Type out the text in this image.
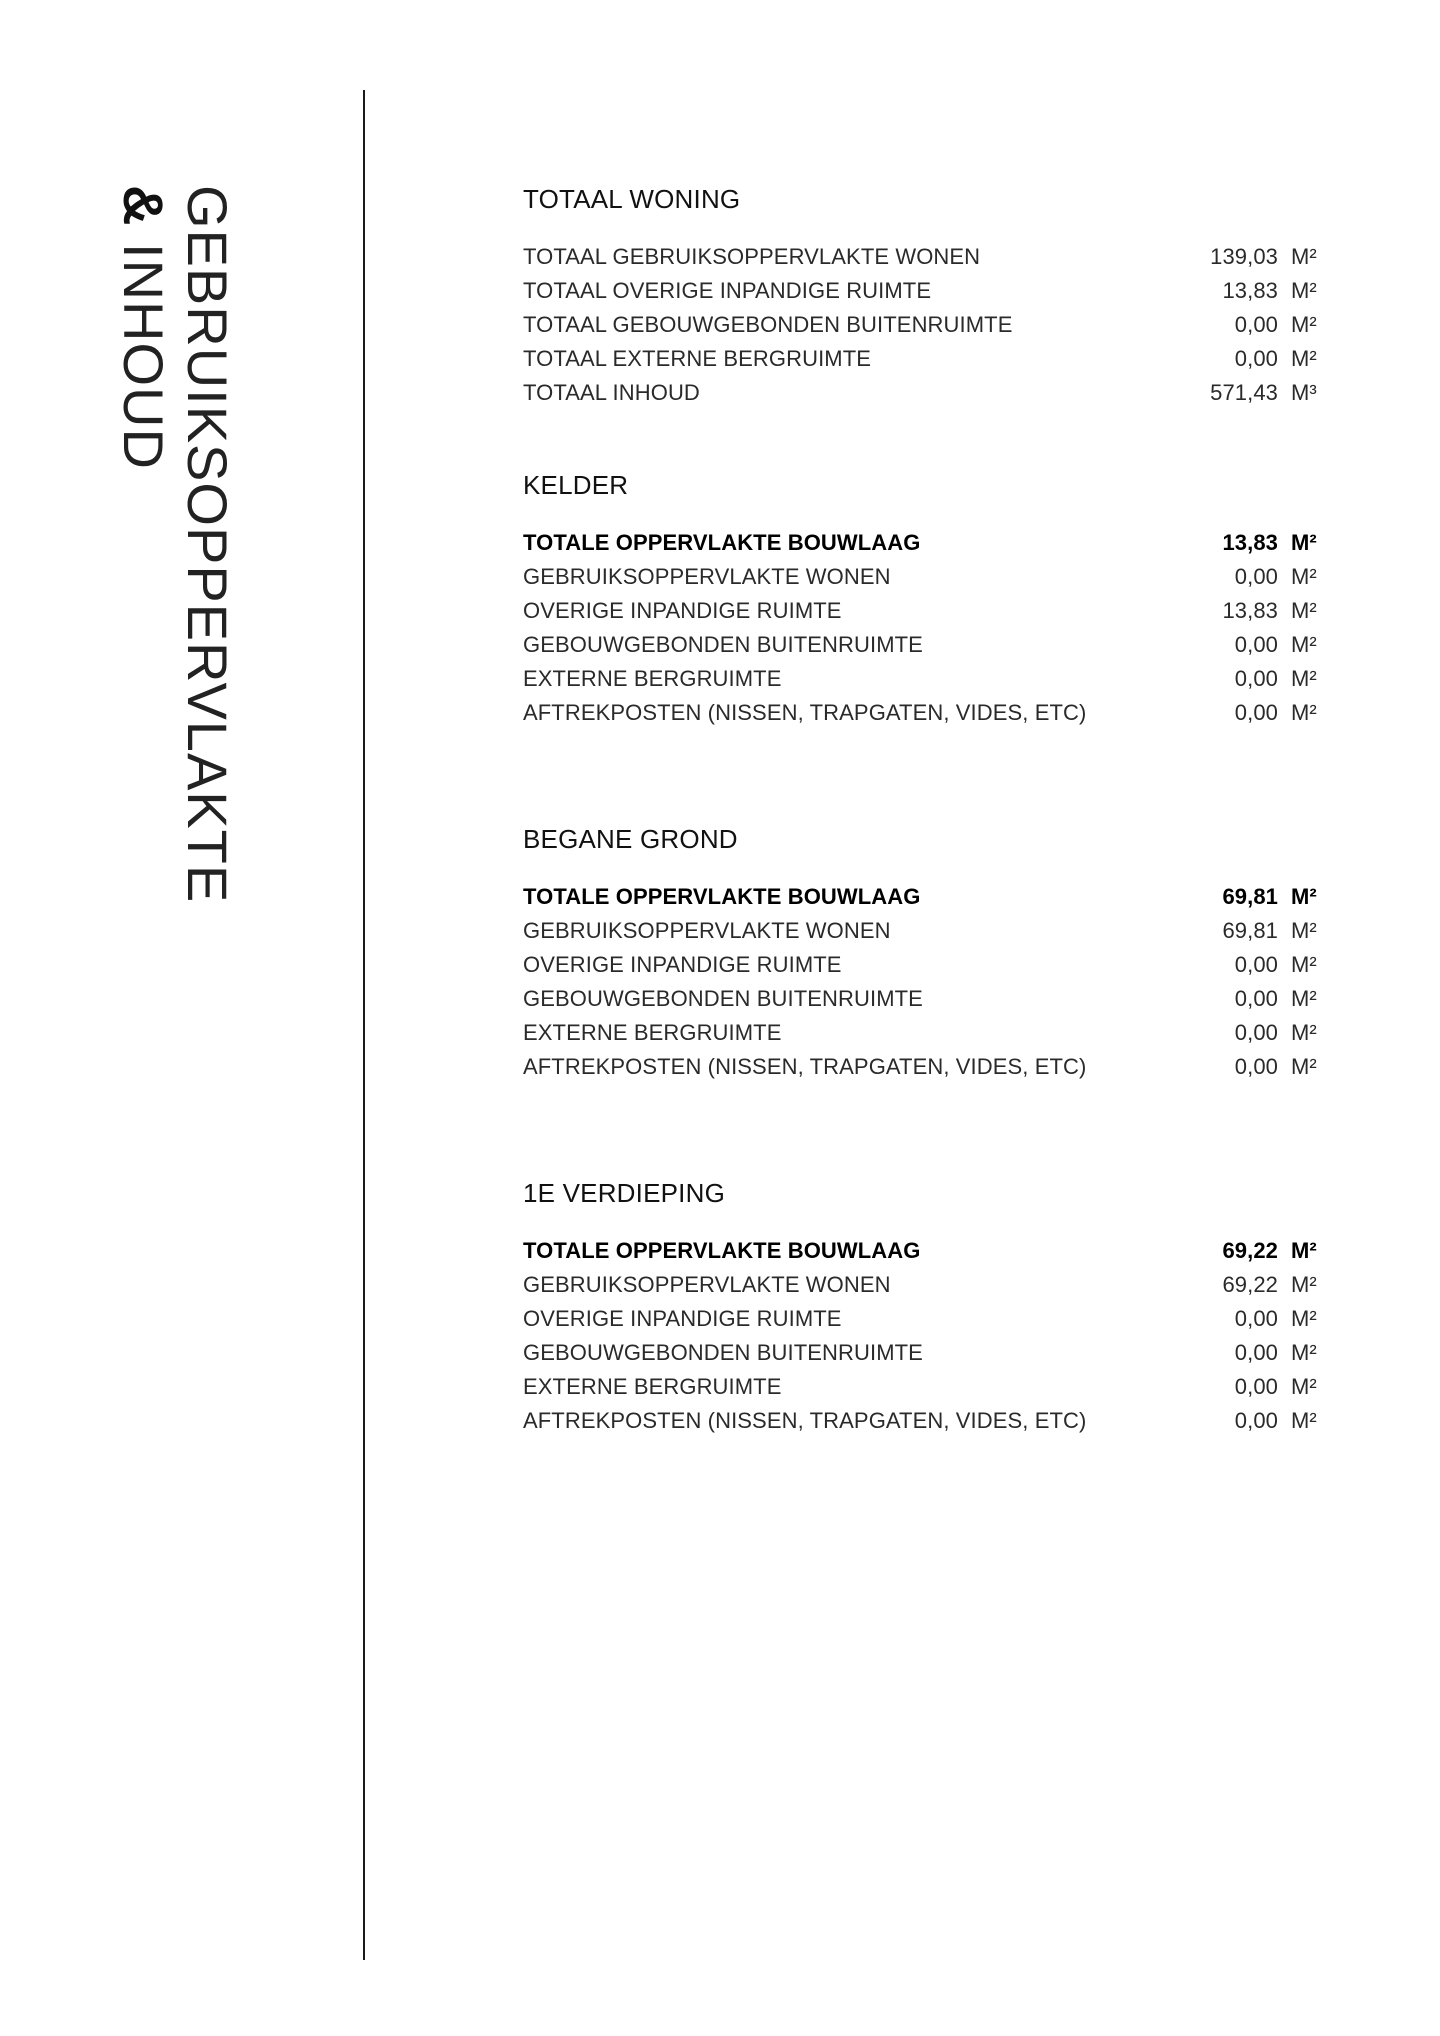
GEBRUIKSOPPERVLAKTE
& INHOUD
TOTAAL WONING
TOTAAL GEBRUIKSOPPERVLAKTE WONEN	139,03 M²
TOTAAL OVERIGE INPANDIGE RUIMTE	13,83 M²
TOTAAL GEBOUWGEBONDEN BUITENRUIMTE	0,00 M²
TOTAAL EXTERNE BERGRUIMTE	0,00 M²
TOTAAL INHOUD	571,43 M³
KELDER
TOTALE OPPERVLAKTE BOUWLAAG	13,83 M²
GEBRUIKSOPPERVLAKTE WONEN	0,00 M²
OVERIGE INPANDIGE RUIMTE	13,83 M²
GEBOUWGEBONDEN BUITENRUIMTE	0,00 M²
EXTERNE BERGRUIMTE	0,00 M²
AFTREKPOSTEN (NISSEN, TRAPGATEN, VIDES, ETC)	0,00 M²
BEGANE GROND
TOTALE OPPERVLAKTE BOUWLAAG	69,81 M²
GEBRUIKSOPPERVLAKTE WONEN	69,81 M²
OVERIGE INPANDIGE RUIMTE	0,00 M²
GEBOUWGEBONDEN BUITENRUIMTE	0,00 M²
EXTERNE BERGRUIMTE	0,00 M²
AFTREKPOSTEN (NISSEN, TRAPGATEN, VIDES, ETC)	0,00 M²
1E VERDIEPING
TOTALE OPPERVLAKTE BOUWLAAG	69,22 M²
GEBRUIKSOPPERVLAKTE WONEN	69,22 M²
OVERIGE INPANDIGE RUIMTE	0,00 M²
GEBOUWGEBONDEN BUITENRUIMTE	0,00 M²
EXTERNE BERGRUIMTE	0,00 M²
AFTREKPOSTEN (NISSEN, TRAPGATEN, VIDES, ETC)	0,00 M²
